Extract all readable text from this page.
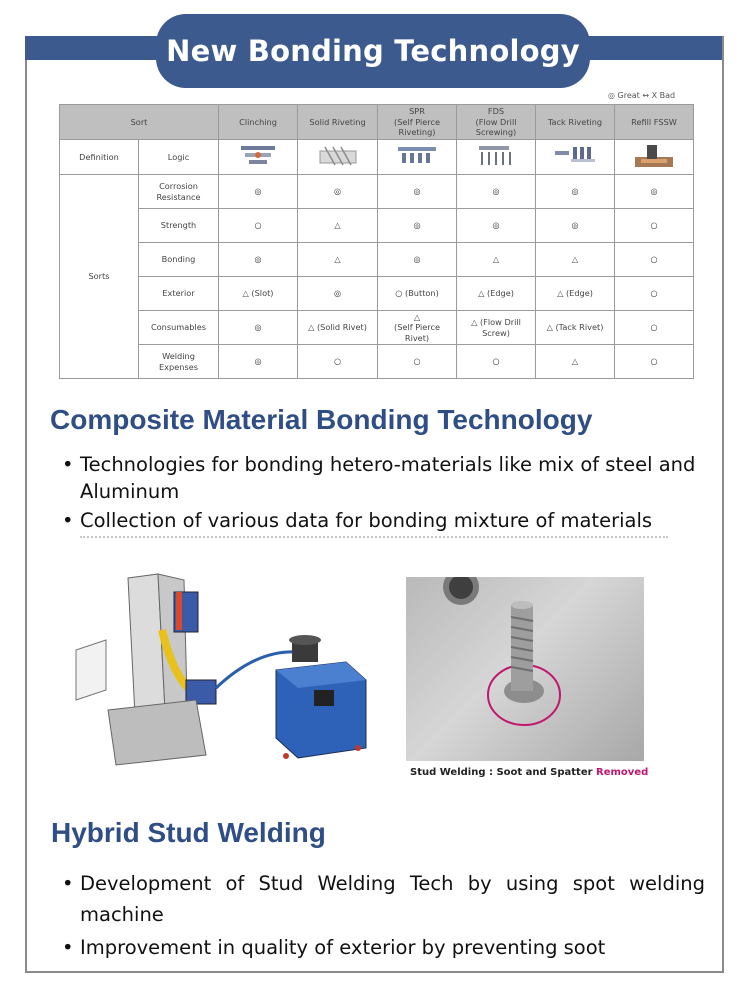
New Bonding Technology
◎ Great ↔ X Bad
Sort		Clinching	Solid Riveting	SPR
(Self Pierce
Riveting)	FDS
(Flow Drill
Screwing)	Tack Riveting	Refill FSSW
Definition	Logic						
Sorts	Corrosion
Resistance	◎	◎	◎	◎	◎	◎
	Strength	○	△	◎	◎	◎	○
	Bonding	◎	△	◎	△	△	○
	Exterior	△ (Slot)	◎	○ (Button)	△ (Edge)	△ (Edge)	○
	Consumables	◎	△ (Solid Rivet)	△
(Self Pierce
Rivet)	△ (Flow Drill
Screw)	△ (Tack Rivet)	○
	Welding
Expenses	◎	○	○	○	△	○
Composite Material Bonding Technology
• Technologies for bonding hetero-materials like mix of steel and Aluminum
• Collection of various data for bonding mixture of materials
Stud Welding : Soot and Spatter Removed
Hybrid Stud Welding
• Development of Stud Welding Tech by using spot welding machine
• Improvement in quality of exterior by preventing soot
